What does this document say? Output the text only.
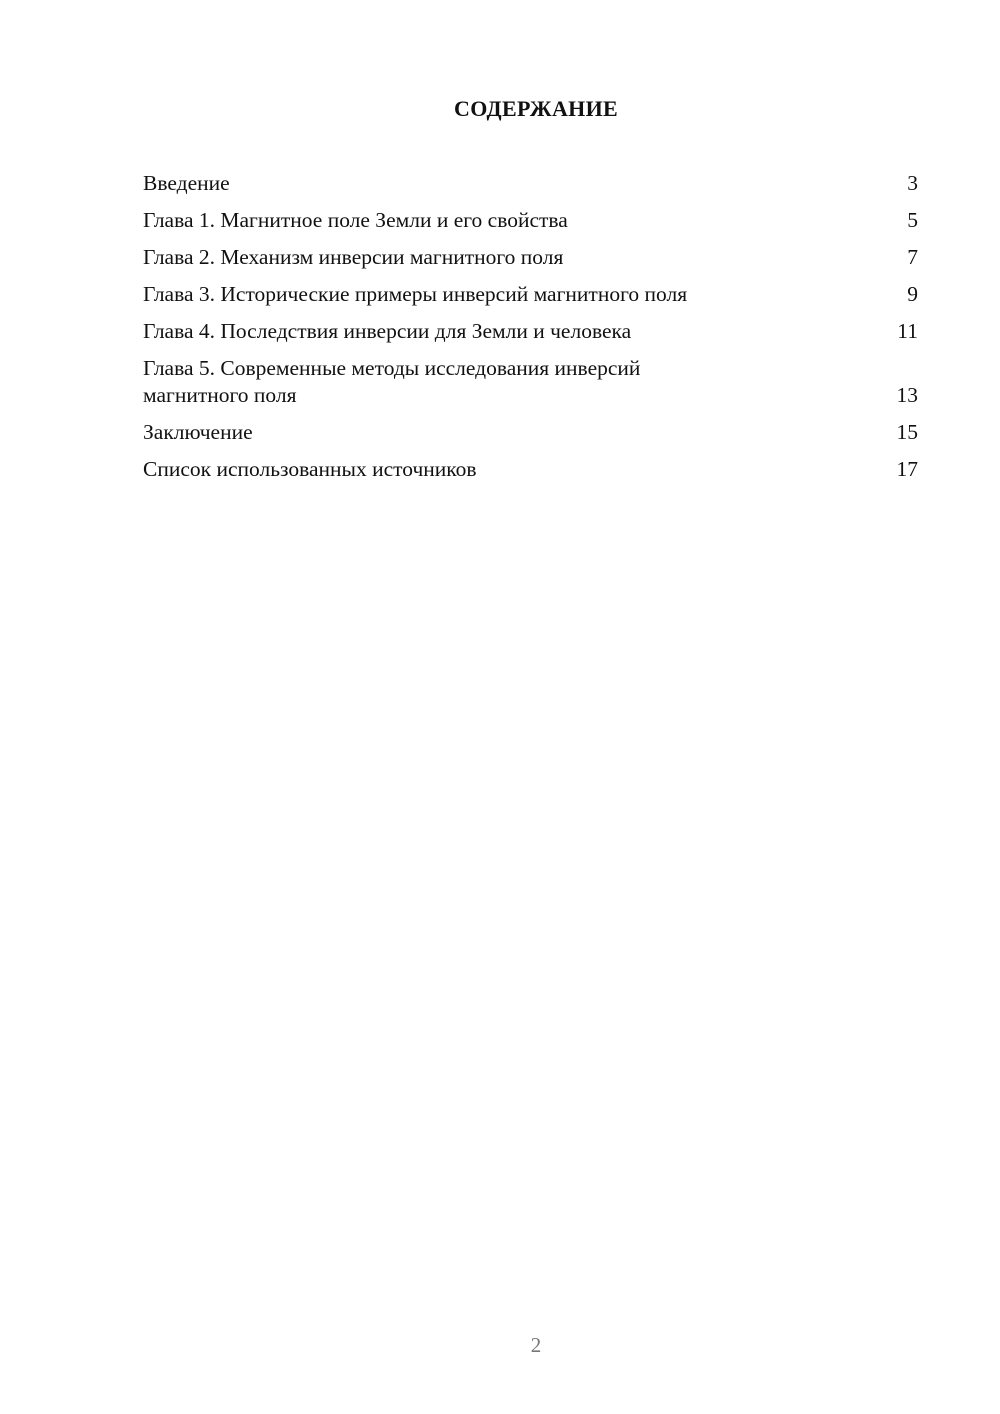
СОДЕРЖАНИЕ
Введение	3
Глава 1. Магнитное поле Земли и его свойства	5
Глава 2. Механизм инверсии магнитного поля	7
Глава 3. Исторические примеры инверсий магнитного поля	9
Глава 4. Последствия инверсии для Земли и человека	11
Глава 5. Современные методы исследования инверсий магнитного поля	13
Заключение	15
Список использованных источников	17
2
